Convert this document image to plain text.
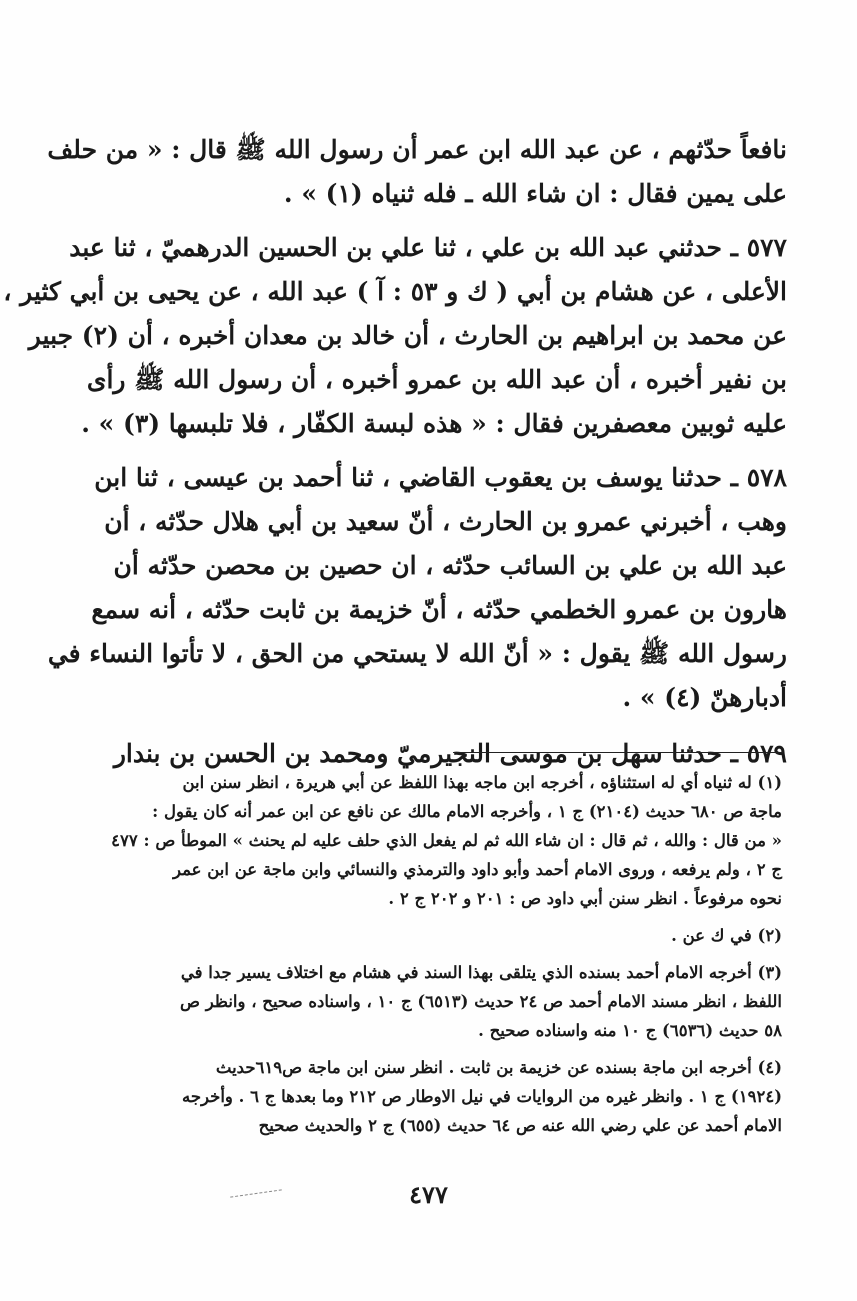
نافعاً حدّثهم ، عن عبد الله ابن عمر أن رسول الله ﷺ قال : « من حلف
على يمين فقال : ان شاء الله ـ فله ثنياه (١) » .
٥٧٧ ـ حدثني عبد الله بن علي ، ثنا علي بن الحسين الدرهميّ ، ثنا عبد
الأعلى ، عن هشام بن أبي ( ك و ٥٣ : آ ) عبد الله ، عن يحيى بن أبي كثير ،
عن محمد بن ابراهيم بن الحارث ، أن خالد بن معدان أخبره ، أن (٢) جبير
بن نفير أخبره ، أن عبد الله بن عمرو أخبره ، أن رسول الله ﷺ رأى
عليه ثوبين معصفرين فقال : « هذه لبسة الكفّار ، فلا تلبسها (٣) » .
٥٧٨ ـ حدثنا يوسف بن يعقوب القاضي ، ثنا أحمد بن عيسى ، ثنا ابن
وهب ، أخبرني عمرو بن الحارث ، أنّ سعيد بن أبي هلال حدّثه ، أن
عبد الله بن علي بن السائب حدّثه ، ان حصين بن محصن حدّثه أن
هارون بن عمرو الخطمي حدّثه ، أنّ خزيمة بن ثابت حدّثه ، أنه سمع
رسول الله ﷺ يقول : « أنّ الله لا يستحي من الحق ، لا تأتوا النساء في
أدبارهنّ (٤) » .
٥٧٩ ـ حدثنا سهل بن موسى النجيرميّ ومحمد بن الحسن بن بندار
(١) له ثنياه أي له استثناؤه ، أخرجه ابن ماجه بهذا اللفظ عن أبي هريرة ، انظر سنن ابن
ماجة ص ٦٨٠ حديث (٢١٠٤) ج ١ ، وأخرجه الامام مالك عن نافع عن ابن عمر أنه كان يقول :
« من قال : والله ، ثم قال : ان شاء الله ثم لم يفعل الذي حلف عليه لم يحنث » الموطأ ص : ٤٧٧
ج ٢ ، ولم يرفعه ، وروى الامام أحمد وأبو داود والترمذي والنسائي وابن ماجة عن ابن عمر
نحوه مرفوعاً . انظر سنن أبي داود ص : ٢٠١ و ٢٠٢ ج ٢ .
(٢) في ك عن .
(٣) أخرجه الامام أحمد بسنده الذي يتلقى بهذا السند في هشام مع اختلاف يسير جدا في
اللفظ ، انظر مسند الامام أحمد ص ٢٤ حديث (٦٥١٣) ج ١٠ ، واسناده صحيح ، وانظر ص
٥٨ حديث (٦٥٣٦) ج ١٠ منه واسناده صحيح .
(٤) أخرجه ابن ماجة بسنده عن خزيمة بن ثابت . انظر سنن ابن ماجة ص٦١٩حديث
(١٩٢٤) ج ١ . وانظر غيره من الروايات في نيل الاوطار ص ٢١٢ وما بعدها ج ٦ . وأخرجه
الامام أحمد عن علي رضي الله عنه ص ٦٤ حديث (٦٥٥) ج ٢ والحديث صحيح
٤٧٧
